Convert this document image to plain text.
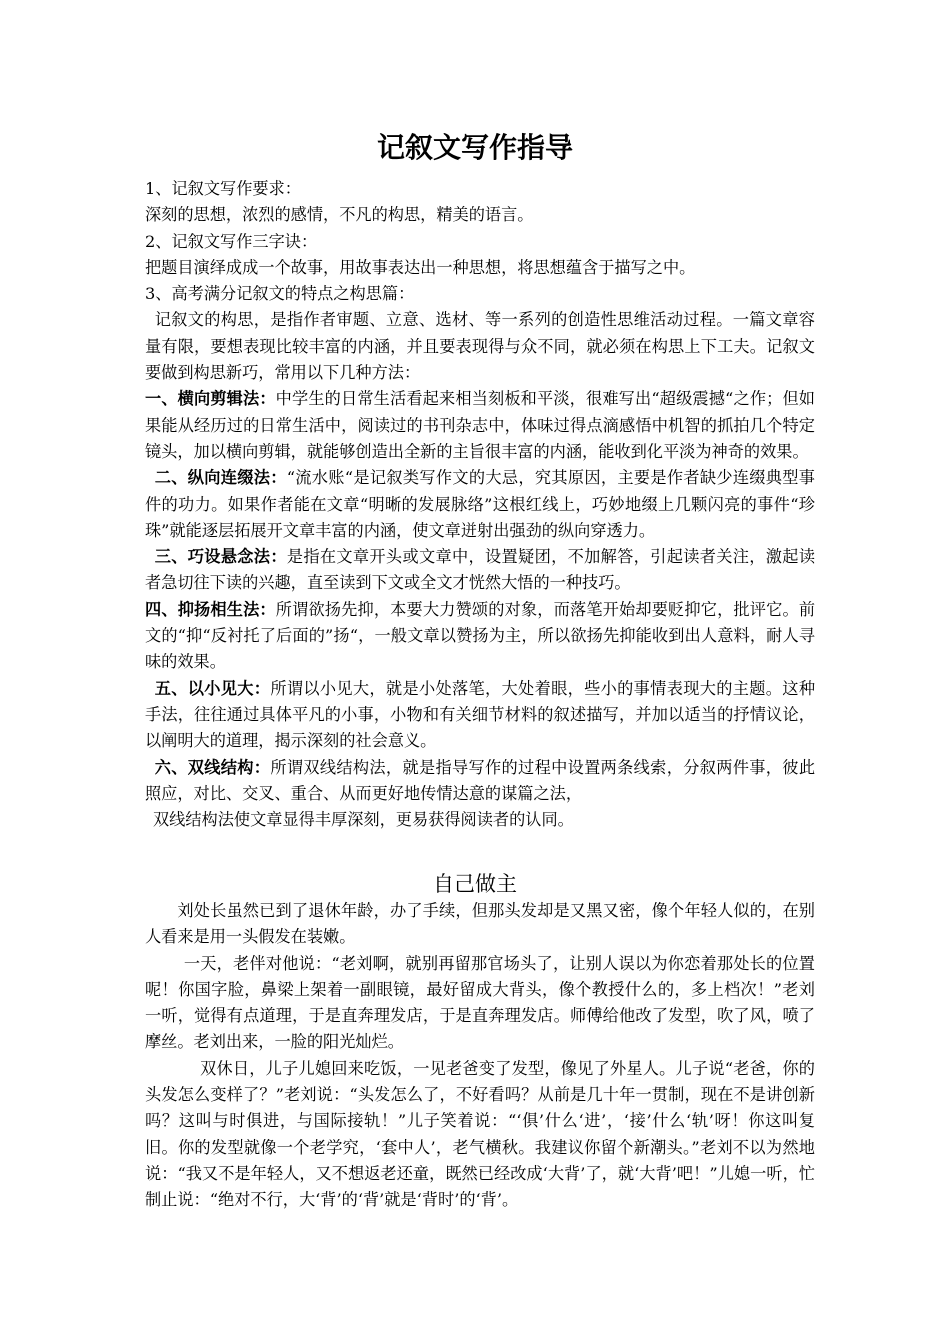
记叙文写作指导

1、记叙文写作要求：

深刻的思想，浓烈的感情，不凡的构思，精美的语言。

2、记叙文写作三字诀：

把题目演绎成成一个故事，用故事表达出一种思想，将思想蕴含于描写之中。

3、高考满分记叙文的特点之构思篇：

记叙文的构思，是指作者审题、立意、选材、等一系列的创造性思维活动过程。一篇文章容量有限，要想表现比较丰富的内涵，并且要表现得与众不同，就必须在构思上下工夫。记叙文要做到构思新巧，常用以下几种方法：

一、横向剪辑法：中学生的日常生活看起来相当刻板和平淡，很难写出“超级震撼“之作；但如果能从经历过的日常生活中，阅读过的书刊杂志中，体味过得点滴感悟中机智的抓拍几个特定镜头，加以横向剪辑，就能够创造出全新的主旨很丰富的内涵，能收到化平淡为神奇的效果。

二、纵向连缀法：“流水账“是记叙类写作文的大忌，究其原因，主要是作者缺少连缀典型事件的功力。如果作者能在文章“明晰的发展脉络”这根红线上，巧妙地缀上几颗闪亮的事件“珍珠”就能逐层拓展开文章丰富的内涵，使文章迸射出强劲的纵向穿透力。

三、巧设悬念法：是指在文章开头或文章中，设置疑团，不加解答，引起读者关注，激起读者急切往下读的兴趣，直至读到下文或全文才恍然大悟的一种技巧。

四、抑扬相生法：所谓欲扬先抑，本要大力赞颂的对象，而落笔开始却要贬抑它，批评它。前文的“抑“反衬托了后面的”扬“，一般文章以赞扬为主，所以欲扬先抑能收到出人意料，耐人寻味的效果。

五、以小见大：所谓以小见大，就是小处落笔，大处着眼，些小的事情表现大的主题。这种手法，往往通过具体平凡的小事，小物和有关细节材料的叙述描写，并加以适当的抒情议论，以阐明大的道理，揭示深刻的社会意义。

六、双线结构：所谓双线结构法，就是指导写作的过程中设置两条线索，分叙两件事，彼此照应，对比、交叉、重合、从而更好地传情达意的谋篇之法，

双线结构法使文章显得丰厚深刻，更易获得阅读者的认同。

自己做主

刘处长虽然已到了退休年龄，办了手续，但那头发却是又黑又密，像个年轻人似的，在别人看来是用一头假发在装嫩。

一天，老伴对他说：“老刘啊，就别再留那官场头了，让别人误以为你恋着那处长的位置呢！你国字脸，鼻梁上架着一副眼镜，最好留成大背头，像个教授什么的，多上档次！”老刘一听，觉得有点道理，于是直奔理发店，于是直奔理发店。师傅给他改了发型，吹了风，喷了摩丝。老刘出来，一脸的阳光灿烂。

双休日，儿子儿媳回来吃饭，一见老爸变了发型，像见了外星人。儿子说“老爸，你的头发怎么变样了？”老刘说：“头发怎么了，不好看吗？从前是几十年一贯制，现在不是讲创新吗？这叫与时俱进，与国际接轨！”儿子笑着说：“‘俱’什么‘进’，‘接’什么‘轨’呀！你这叫复旧。你的发型就像一个老学究，‘套中人’，老气横秋。我建议你留个新潮头。”老刘不以为然地说：“我又不是年轻人，又不想返老还童，既然已经改成‘大背’了，就‘大背’吧！”儿媳一听，忙制止说：“绝对不行，大‘背’的‘背’就是‘背时’的‘背’。
